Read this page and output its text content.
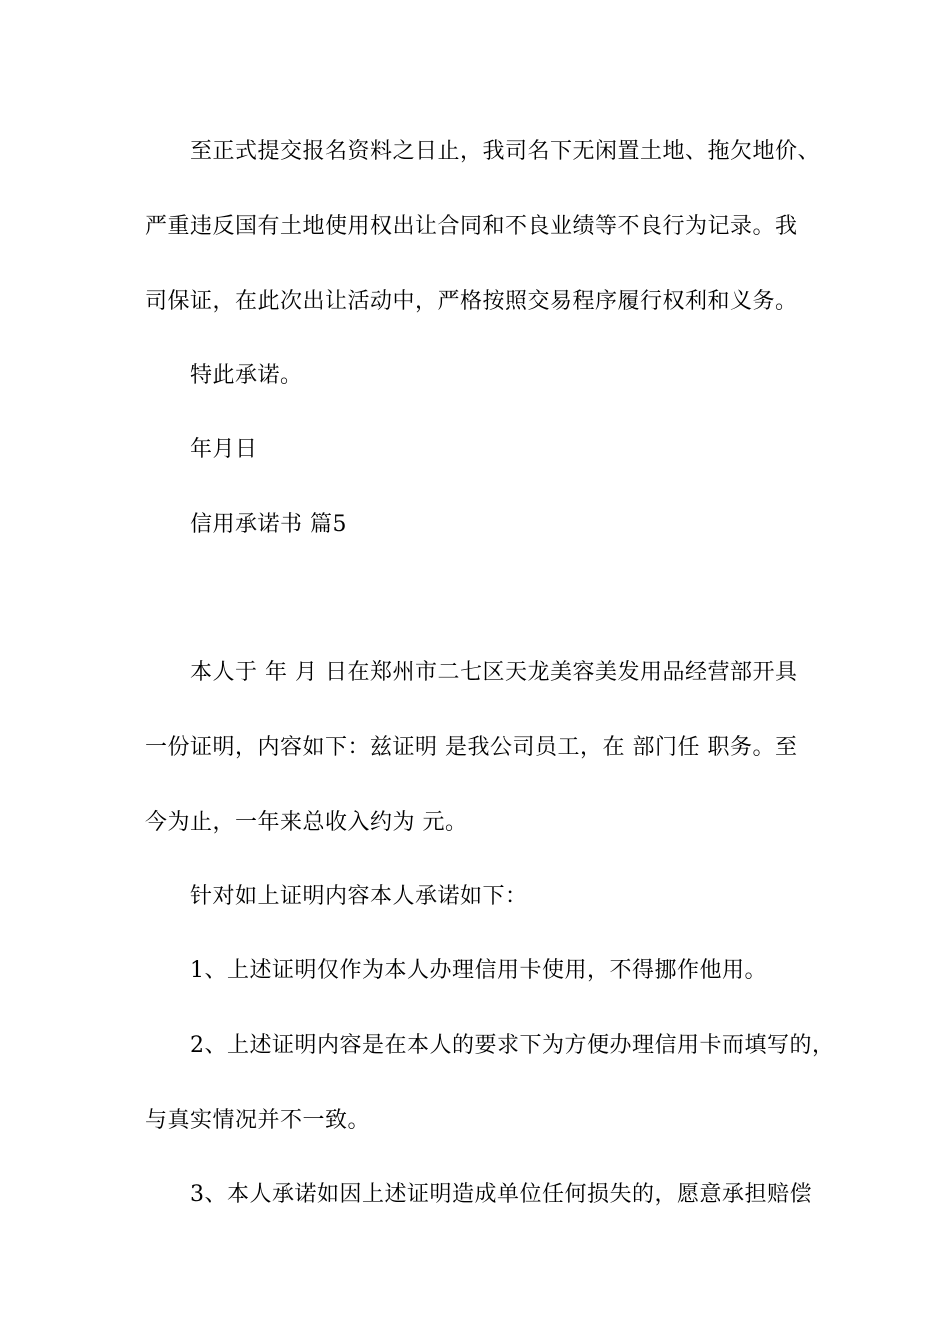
至正式提交报名资料之日止，我司名下无闲置土地、拖欠地价、
严重违反国有土地使用权出让合同和不良业绩等不良行为记录。我
司保证，在此次出让活动中，严格按照交易程序履行权利和义务。
特此承诺。
年月日
信用承诺书 篇5
本人于 年 月 日在郑州市二七区天龙美容美发用品经营部开具
一份证明，内容如下：兹证明 是我公司员工，在 部门任 职务。至
今为止，一年来总收入约为 元。
针对如上证明内容本人承诺如下：
1、上述证明仅作为本人办理信用卡使用，不得挪作他用。
2、上述证明内容是在本人的要求下为方便办理信用卡而填写的，
与真实情况并不一致。
3、本人承诺如因上述证明造成单位任何损失的，愿意承担赔偿
